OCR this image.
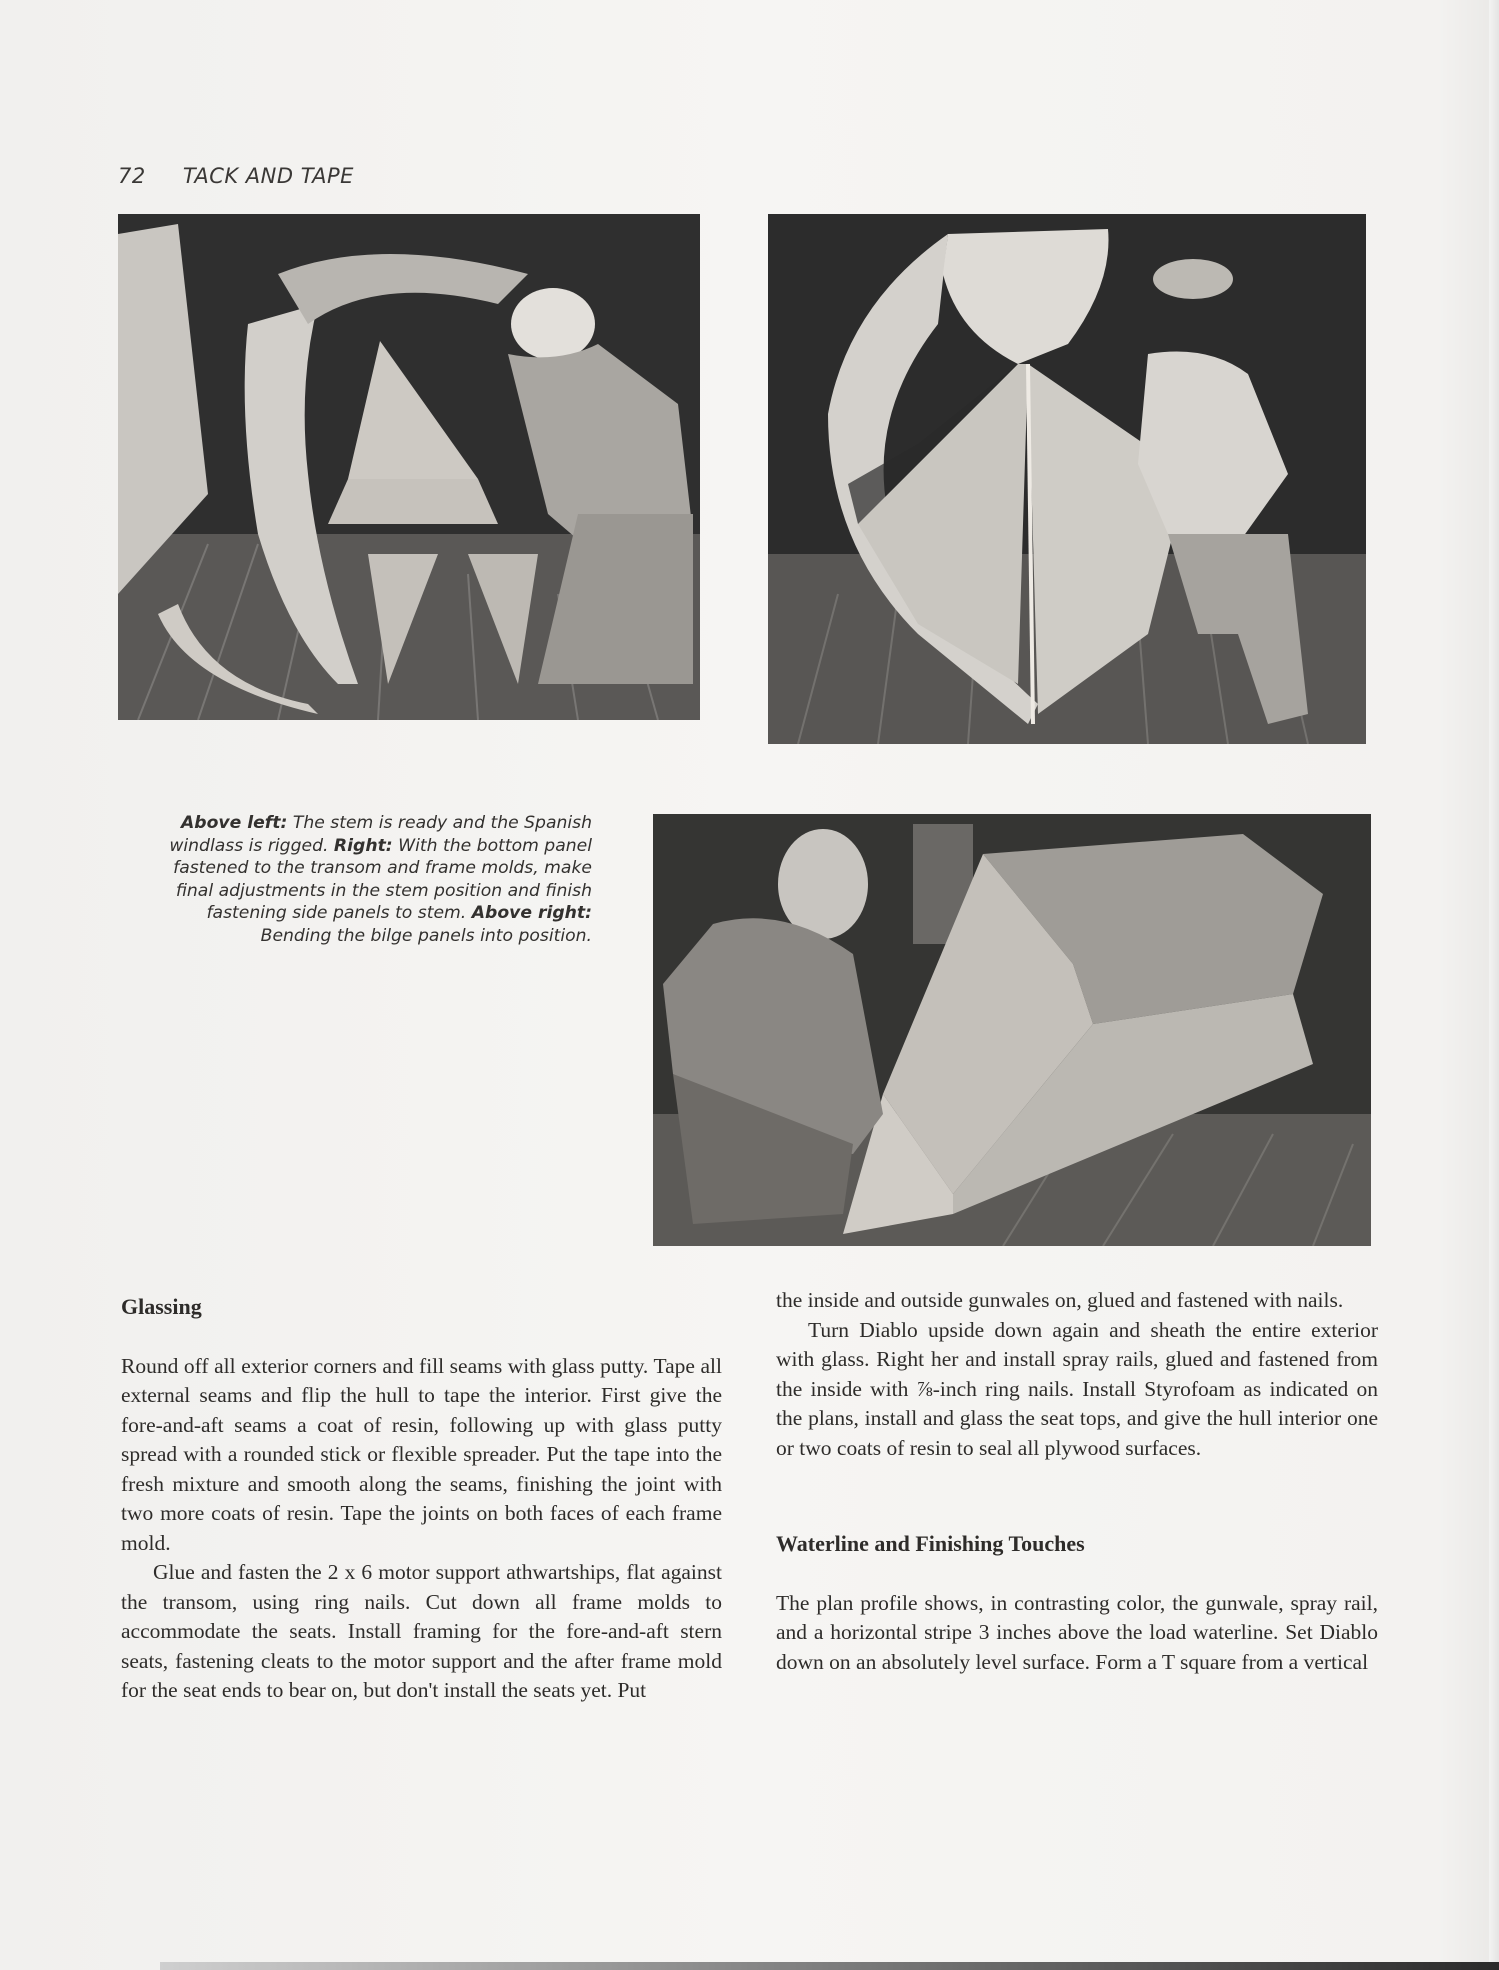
72 TACK AND TAPE
Above left: The stem is ready and the Spanish windlass is rigged. Right: With the bottom panel fastened to the transom and frame molds, make final adjustments in the stem position and finish fastening side panels to stem. Above right: Bending the bilge panels into position.
Glassing

Round off all exterior corners and fill seams with glass putty. Tape all external seams and flip the hull to tape the interior. First give the fore-and-aft seams a coat of resin, following up with glass putty spread with a rounded stick or flexible spreader. Put the tape into the fresh mixture and smooth along the seams, finishing the joint with two more coats of resin. Tape the joints on both faces of each frame mold.

Glue and fasten the 2 x 6 motor support athwartships, flat against the transom, using ring nails. Cut down all frame molds to accommodate the seats. Install framing for the fore-and-aft stern seats, fastening cleats to the motor support and the after frame mold for the seat ends to bear on, but don't install the seats yet. Put

the inside and outside gunwales on, glued and fastened with nails.

Turn Diablo upside down again and sheath the entire exterior with glass. Right her and install spray rails, glued and fastened from the inside with ⅞-inch ring nails. Install Styrofoam as indicated on the plans, install and glass the seat tops, and give the hull interior one or two coats of resin to seal all plywood surfaces.

Waterline and Finishing Touches

The plan profile shows, in contrasting color, the gunwale, spray rail, and a horizontal stripe 3 inches above the load waterline. Set Diablo down on an absolutely level surface. Form a T square from a vertical
